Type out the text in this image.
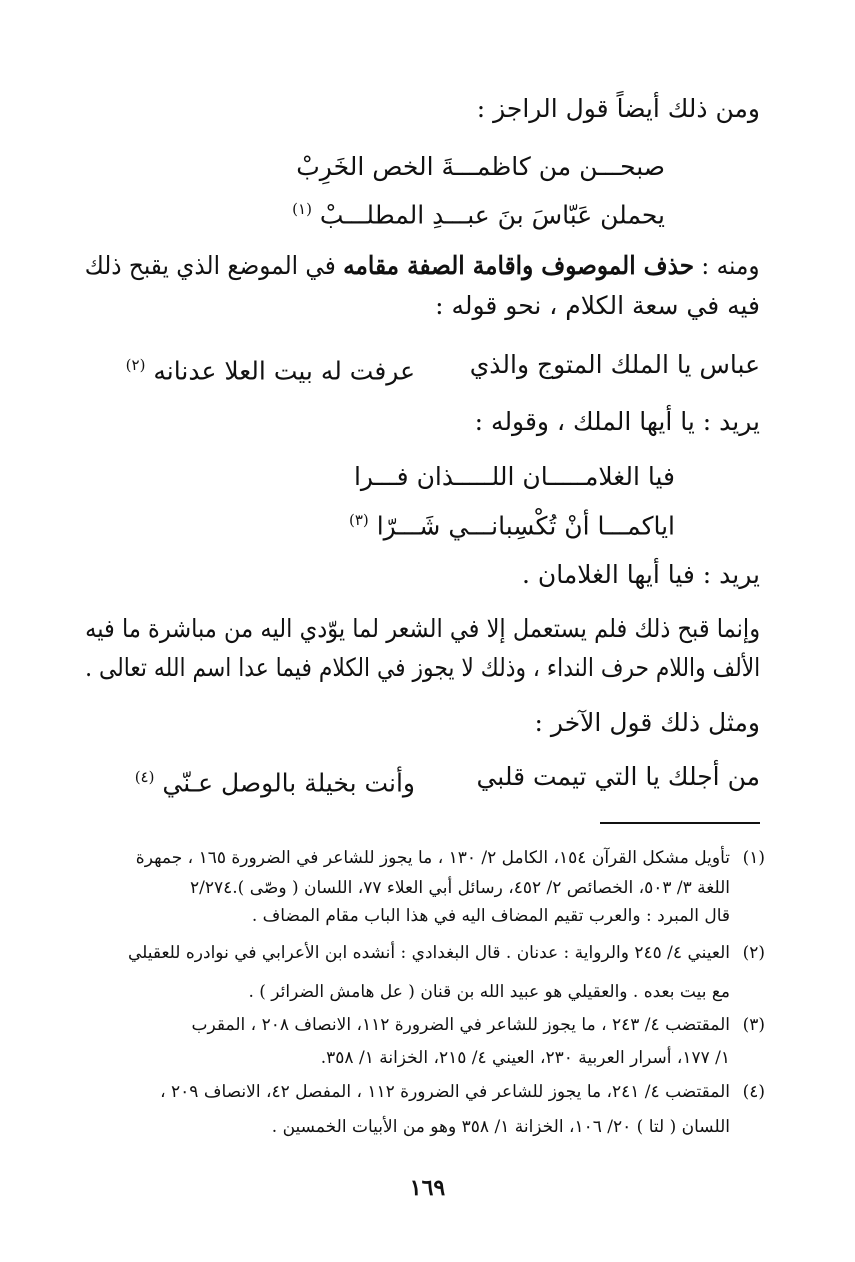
ومن ذلك أيضاً قول الراجز :
صبحـــن من كاظمـــةَ الخص الخَرِبْ
يحملن عَبّاسَ بنَ عبـــدِ المطلـــبْ $^{(١)}$
ومنه : حذف الموصوف واقامة الصفة مقامه في الموضع الذي يقبح ذلك
فيه في سعة الكلام ، نحو قوله :
عباس يا الملك المتوج والذي
عرفت له بيت العلا عدنانه $^{(٢)}$
يريد : يا أيها الملك ، وقوله :
فيا الغلامـــــان اللـــــذان فـــرا
اياكمـــا أنْ تُكْسِبانـــي شَـــرّا $^{(٣)}$
يريد : فيا أيها الغلامان .
وإنما قبح ذلك فلم يستعمل إلا في الشعر لما يوّدي اليه من مباشرة ما فيه
الألف واللام حرف النداء ، وذلك لا يجوز في الكلام فيما عدا اسم الله تعالى .
ومثل ذلك قول الآخر :
من أجلك يا التي تيمت قلبي
وأنت بخيلة بالوصل عـنّي $^{(٤)}$
(١)
تأويل مشكل القرآن ١٥٤، الكامل ٢/ ١٣٠ ، ما يجوز للشاعر في الضرورة ١٦٥ ، جمهرة
اللغة ٣/ ٥٠٣، الخصائص ٢/ ٤٥٢، رسائل أبي العلاء ٧٧، اللسان ( وصّى ).٢/٢٧٤
قال المبرد : والعرب تقيم المضاف اليه في هذا الباب مقام المضاف .
(٢)
العيني ٤/ ٢٤٥ والرواية : عدنان . قال البغدادي : أنشده ابن الأعرابي في نوادره للعقيلي
مع بيت بعده . والعقيلي هو عبيد الله بن قنان ( عل هامش الضرائر ) .
(٣)
المقتضب ٤/ ٢٤٣ ، ما يجوز للشاعر في الضرورة ١١٢، الانصاف ٢٠٨ ، المقرب
١/ ١٧٧، أسرار العربية ٢٣٠، العيني ٤/ ٢١٥، الخزانة ١/ ٣٥٨.
(٤)
المقتضب ٤/ ٢٤١، ما يجوز للشاعر في الضرورة ١١٢ ، المفصل ٤٢، الانصاف ٢٠٩ ،
اللسان ( لتا ) ٢٠/ ١٠٦، الخزانة ١/ ٣٥٨ وهو من الأبيات الخمسين .
١٦٩
